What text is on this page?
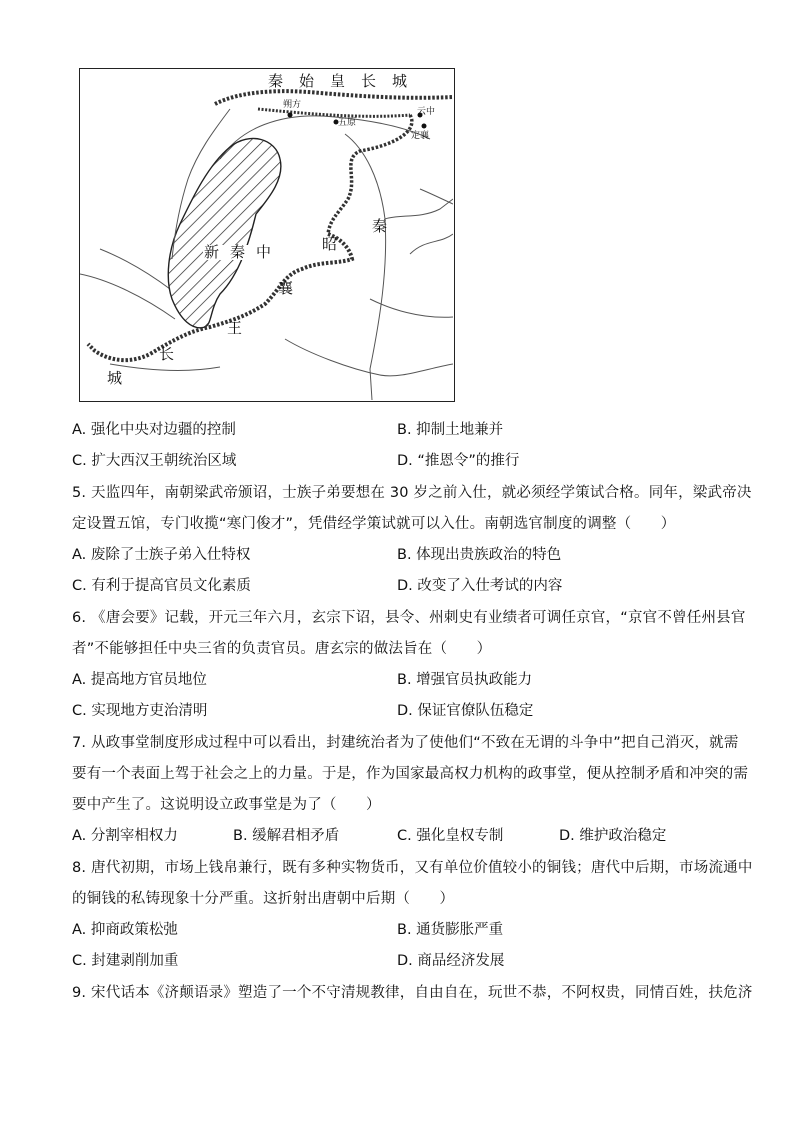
秦始皇长城
朔方
五原
云中
定襄
秦
昭
襄
王
长
城
新秦中
A. 强化中央对边疆的控制	B. 抑制土地兼并
C. 扩大西汉王朝统治区域	D. “推恩令”的推行
5. 天监四年，南朝梁武帝颁诏，士族子弟要想在 30 岁之前入仕，就必须经学策试合格。同年，梁武帝决
定设置五馆，专门收揽“寒门俊才”，凭借经学策试就可以入仕。南朝选官制度的调整（　　）
A. 废除了士族子弟入仕特权	B. 体现出贵族政治的特色
C. 有利于提高官员文化素质	D. 改变了入仕考试的内容
6. 《唐会要》记载，开元三年六月，玄宗下诏，县令、州刺史有业绩者可调任京官，“京官不曾任州县官
者”不能够担任中央三省的负责官员。唐玄宗的做法旨在（　　）
A. 提高地方官员地位	B. 增强官员执政能力
C. 实现地方吏治清明	D. 保证官僚队伍稳定
7. 从政事堂制度形成过程中可以看出，封建统治者为了使他们“不致在无谓的斗争中”把自己消灭，就需
要有一个表面上驾于社会之上的力量。于是，作为国家最高权力机构的政事堂，便从控制矛盾和冲突的需
要中产生了。这说明设立政事堂是为了（　　）
A. 分割宰相权力	B. 缓解君相矛盾	C. 强化皇权专制	D. 维护政治稳定
8. 唐代初期，市场上钱帛兼行，既有多种实物货币，又有单位价值较小的铜钱；唐代中后期，市场流通中
的铜钱的私铸现象十分严重。这折射出唐朝中后期（　　）
A. 抑商政策松弛	B. 通货膨胀严重
C. 封建剥削加重	D. 商品经济发展
9. 宋代话本《济颠语录》塑造了一个不守清规教律，自由自在，玩世不恭，不阿权贵，同情百姓，扶危济
